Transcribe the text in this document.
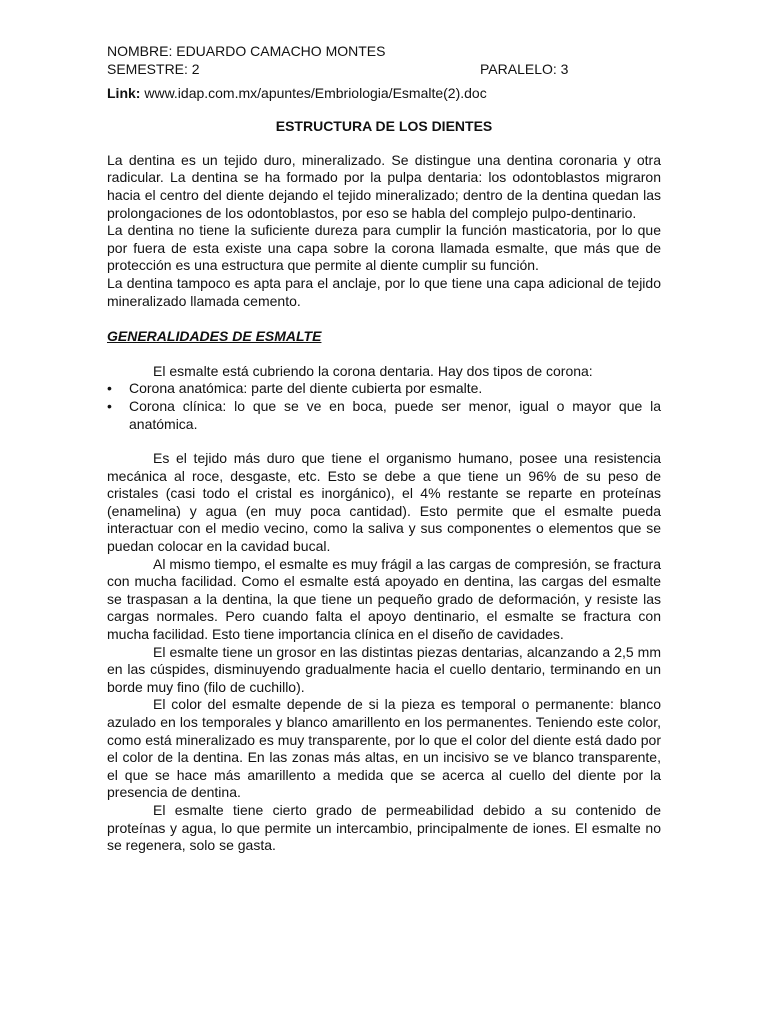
NOMBRE: EDUARDO CAMACHO MONTES
SEMESTRE: 2	PARALELO: 3
Link: www.idap.com.mx/apuntes/Embriologia/Esmalte(2).doc
ESTRUCTURA DE LOS DIENTES

La dentina es un tejido duro, mineralizado. Se distingue una dentina coronaria y otra radicular. La dentina se ha formado por la pulpa dentaria: los odontoblastos migraron hacia el centro del diente dejando el tejido mineralizado; dentro de la dentina quedan las prolongaciones de los odontoblastos, por eso se habla del complejo pulpo-dentinario.

La dentina no tiene la suficiente dureza para cumplir la función masticatoria, por lo que por fuera de esta existe una capa sobre la corona llamada esmalte, que más que de protección es una estructura que permite al diente cumplir su función.

La dentina tampoco es apta para el anclaje, por lo que tiene una capa adicional de tejido mineralizado llamada cemento.

GENERALIDADES DE ESMALTE

El esmalte está cubriendo la corona dentaria. Hay dos tipos de corona:

• Corona anatómica: parte del diente cubierta por esmalte.
• Corona clínica: lo que se ve en boca, puede ser menor, igual o mayor que la anatómica.

Es el tejido más duro que tiene el organismo humano, posee una resistencia mecánica al roce, desgaste, etc. Esto se debe a que tiene un 96% de su peso de cristales (casi todo el cristal es inorgánico), el 4% restante se reparte en proteínas (enamelina) y agua (en muy poca cantidad). Esto permite que el esmalte pueda interactuar con el medio vecino, como la saliva y sus componentes o elementos que se puedan colocar en la cavidad bucal.

Al mismo tiempo, el esmalte es muy frágil a las cargas de compresión, se fractura con mucha facilidad. Como el esmalte está apoyado en dentina, las cargas del esmalte se traspasan a la dentina, la que tiene un pequeño grado de deformación, y resiste las cargas normales. Pero cuando falta el apoyo dentinario, el esmalte se fractura con mucha facilidad. Esto tiene importancia clínica en el diseño de cavidades.

El esmalte tiene un grosor en las distintas piezas dentarias, alcanzando a 2,5 mm en las cúspides, disminuyendo gradualmente hacia el cuello dentario, terminando en un borde muy fino (filo de cuchillo).

El color del esmalte depende de si la pieza es temporal o permanente: blanco azulado en los temporales y blanco amarillento en los permanentes. Teniendo este color, como está mineralizado es muy transparente, por lo que el color del diente está dado por el color de la dentina. En las zonas más altas, en un incisivo se ve blanco transparente, el que se hace más amarillento a medida que se acerca al cuello del diente por la presencia de dentina.

El esmalte tiene cierto grado de permeabilidad debido a su contenido de proteínas y agua, lo que permite un intercambio, principalmente de iones. El esmalte no se regenera, solo se gasta.
